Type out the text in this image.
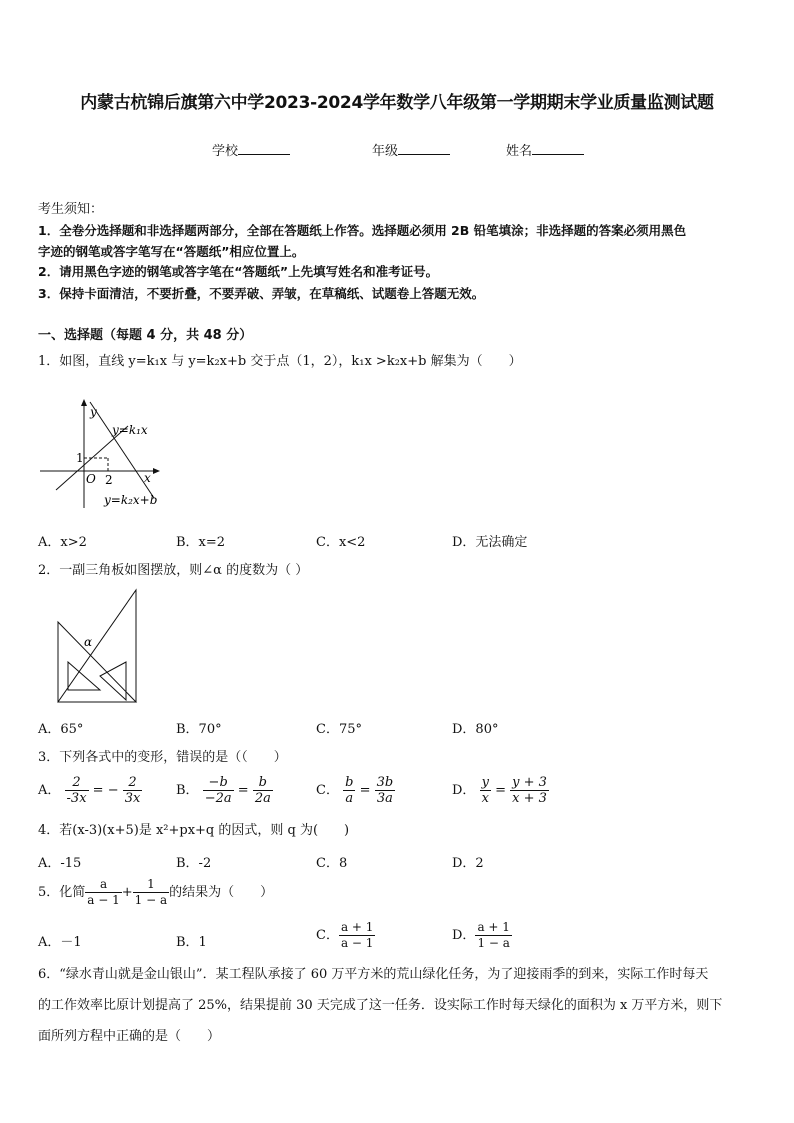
内蒙古杭锦后旗第六中学2023-2024学年数学八年级第一学期期末学业质量监测试题
学校	年级	姓名
考生须知：
1．全卷分选择题和非选择题两部分，全部在答题纸上作答。选择题必须用 2B 铅笔填涂；非选择题的答案必须用黑色
字迹的钢笔或答字笔写在“答题纸”相应位置上。
2．请用黑色字迹的钢笔或答字笔在“答题纸”上先填写姓名和准考证号。
3．保持卡面清洁，不要折叠，不要弄破、弄皱，在草稿纸、试题卷上答题无效。
一、选择题（每题 4 分，共 48 分）
1．如图，直线 y=k₁x 与 y=k₂x+b 交于点（1，2），k₁x >k₂x+b 解集为（　　）
y
x
O
1
2
y=k₁x
y=k₂x+b
A．x>2	B．x=2	C．x<2	D．无法确定
2．一副三角板如图摆放，则∠α 的度数为（ ）
α
A．65°	B．70°	C．75°	D．80°
3．下列各式中的变形，错误的是（（　　）
A． $\frac{2}{-3x}$ = − $\frac{2}{3x}$	B． $\frac{-b}{-2a} = \frac{b}{2a}$	C． $\frac{b}{a} = \frac{3b}{3a}$	D． $\frac{y}{x} = \frac{y + 3}{x + 3}$
4．若(x-3)(x+5)是 x²+px+q 的因式，则 q 为(　　)
A．-15	B．-2	C．8	D．2
5．化简 $\frac{a}{a - 1} + \frac{1}{1 - a}$ 的结果为（　　）
A．－1	B．1	C． $\frac{a + 1}{a - 1}$	D． $\frac{a + 1}{1 - a}$
6．“绿水青山就是金山银山”．某工程队承接了 60 万平方米的荒山绿化任务，为了迎接雨季的到来，实际工作时每天
的工作效率比原计划提高了 25%，结果提前 30 天完成了这一任务．设实际工作时每天绿化的面积为 x 万平方米，则下
面所列方程中正确的是（　　）
